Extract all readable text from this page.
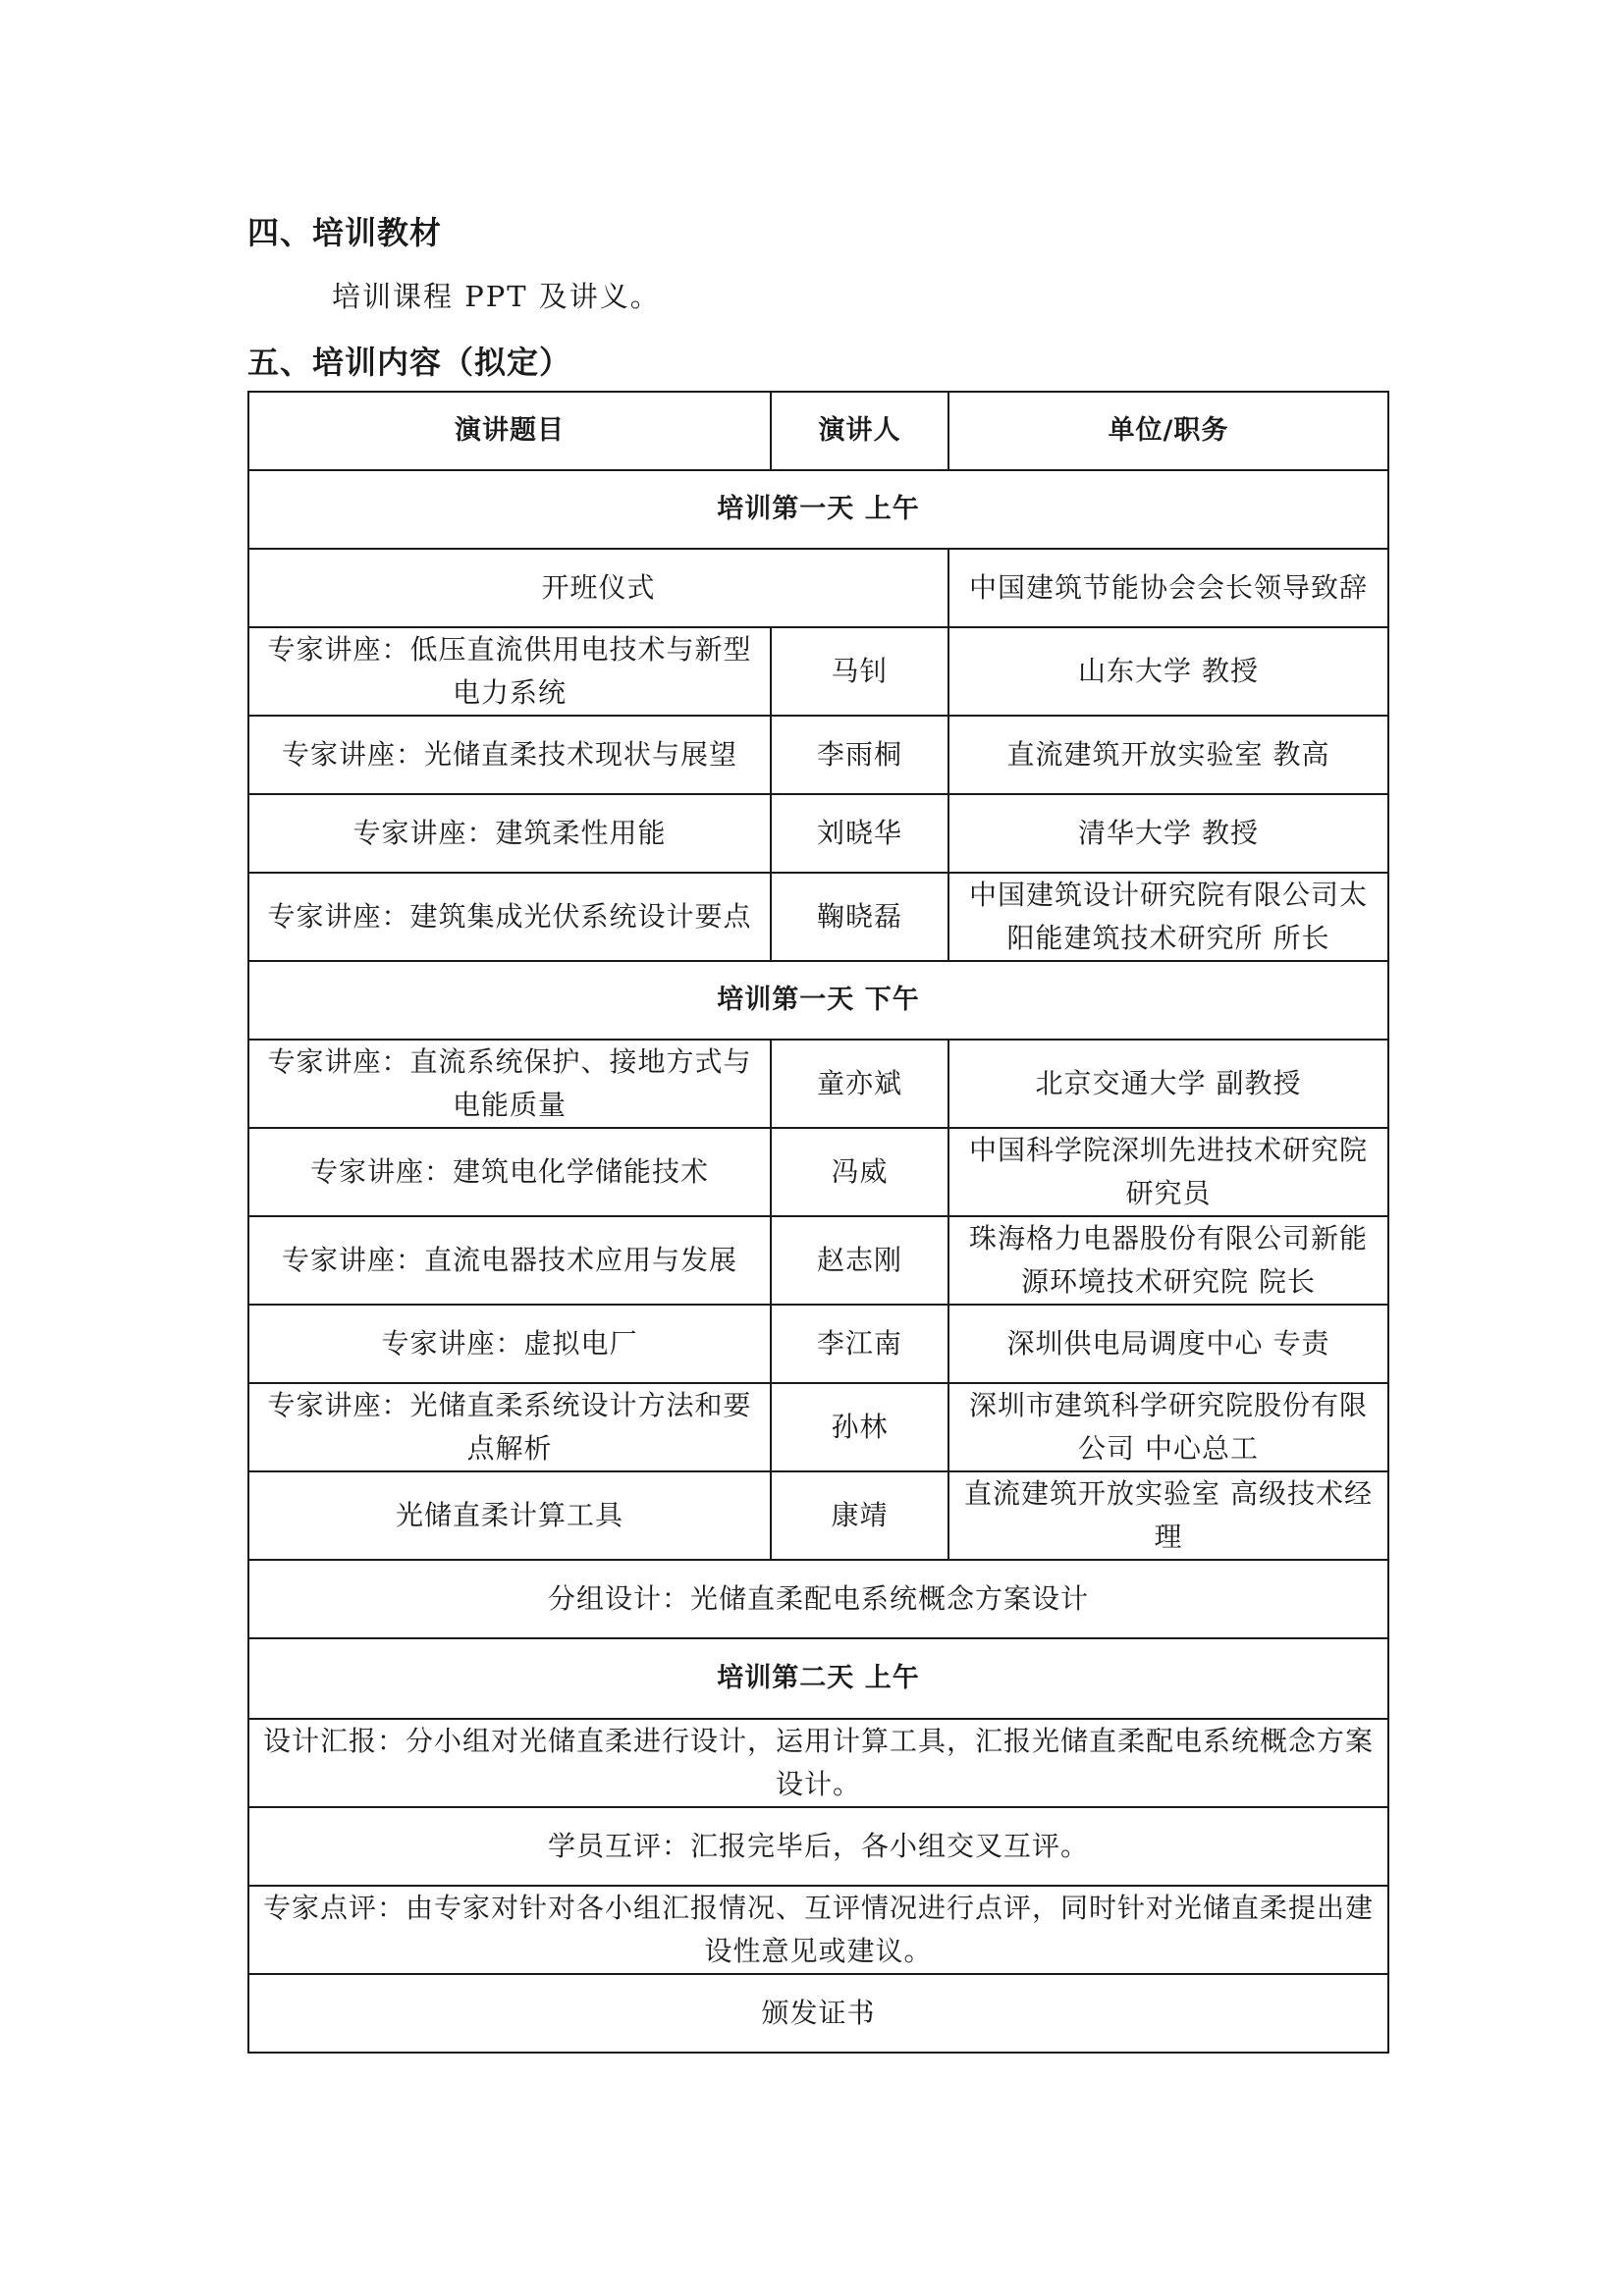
四、培训教材
培训课程 PPT 及讲义。
五、培训内容（拟定）
演讲题目	演讲人	单位/职务
培训第一天 上午		
开班仪式		中国建筑节能协会会长领导致辞
专家讲座：低压直流供用电技术与新型电力系统	马钊	山东大学 教授
专家讲座：光储直柔技术现状与展望	李雨桐	直流建筑开放实验室 教高
专家讲座：建筑柔性用能	刘晓华	清华大学 教授
专家讲座：建筑集成光伏系统设计要点	鞠晓磊	中国建筑设计研究院有限公司太阳能建筑技术研究所 所长
培训第一天 下午		
专家讲座：直流系统保护、接地方式与电能质量	童亦斌	北京交通大学 副教授
专家讲座：建筑电化学储能技术	冯威	中国科学院深圳先进技术研究院研究员
专家讲座：直流电器技术应用与发展	赵志刚	珠海格力电器股份有限公司新能源环境技术研究院 院长
专家讲座：虚拟电厂	李江南	深圳供电局调度中心 专责
专家讲座：光储直柔系统设计方法和要点解析	孙林	深圳市建筑科学研究院股份有限公司 中心总工
光储直柔计算工具	康靖	直流建筑开放实验室 高级技术经理
分组设计：光储直柔配电系统概念方案设计		
培训第二天 上午		
设计汇报：分小组对光储直柔进行设计，运用计算工具，汇报光储直柔配电系统概念方案设计。		
学员互评：汇报完毕后，各小组交叉互评。		
专家点评：由专家对针对各小组汇报情况、互评情况进行点评，同时针对光储直柔提出建设性意见或建议。		
颁发证书		
